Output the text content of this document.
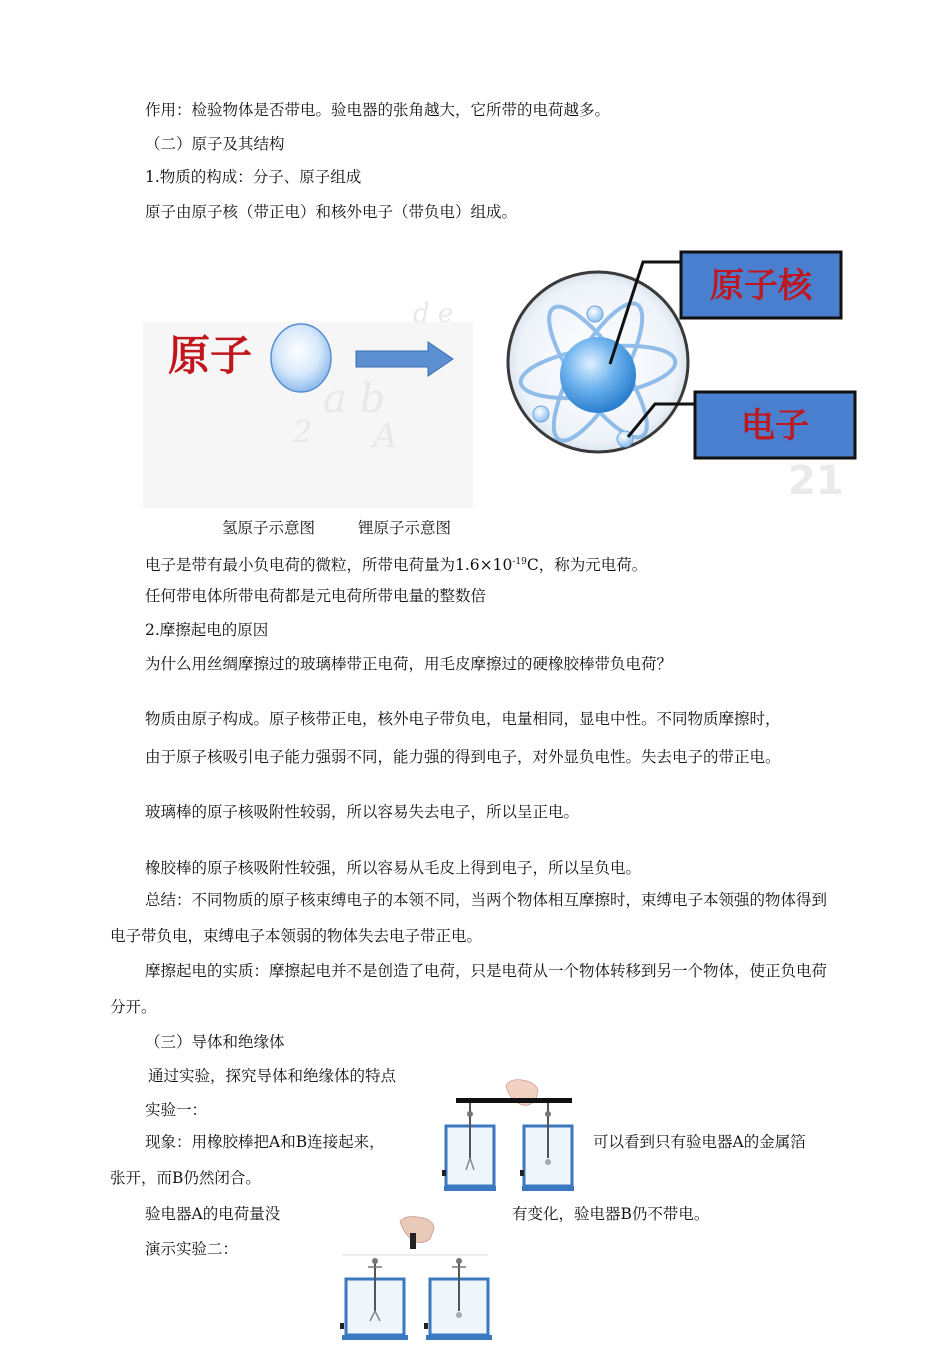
作用：检验物体是否带电。验电器的张角越大，它所带的电荷越多。
（二）原子及其结构
1.物质的构成：分子、原子组成
原子由原子核（带正电）和核外电子（带负电）组成。
a b
2 A
d e
原子
原子核
电子
21
氢原子示意图	锂原子示意图
电子是带有最小负电荷的微粒，所带电荷量为$1.6\times 10^{-19}C$，称为元电荷。
任何带电体所带电荷都是元电荷所带电量的整数倍
2.摩擦起电的原因
为什么用丝绸摩擦过的玻璃棒带正电荷，用毛皮摩擦过的硬橡胶棒带负电荷？
物质由原子构成。原子核带正电，核外电子带负电，电量相同，显电中性。不同物质摩擦时，
由于原子核吸引电子能力强弱不同，能力强的得到电子，对外显负电性。失去电子的带正电。
玻璃棒的原子核吸附性较弱，所以容易失去电子，所以呈正电。
橡胶棒的原子核吸附性较强，所以容易从毛皮上得到电子，所以呈负电。
总结：不同物质的原子核束缚电子的本领不同，当两个物体相互摩擦时，束缚电子本领强的物体得到电子带负电，束缚电子本领弱的物体失去电子带正电。
摩擦起电的实质：摩擦起电并不是创造了电荷，只是电荷从一个物体转移到另一个物体，使正负电荷分开。
（三）导体和绝缘体
通过实验，探究导体和绝缘体的特点
实验一：
现象：用橡胶棒把A和B连接起来，	可以看到只有验电器A的金属箔
张开，而B仍然闭合。
验电器A的电荷量没	有变化，验电器B仍不带电。
演示实验二：
